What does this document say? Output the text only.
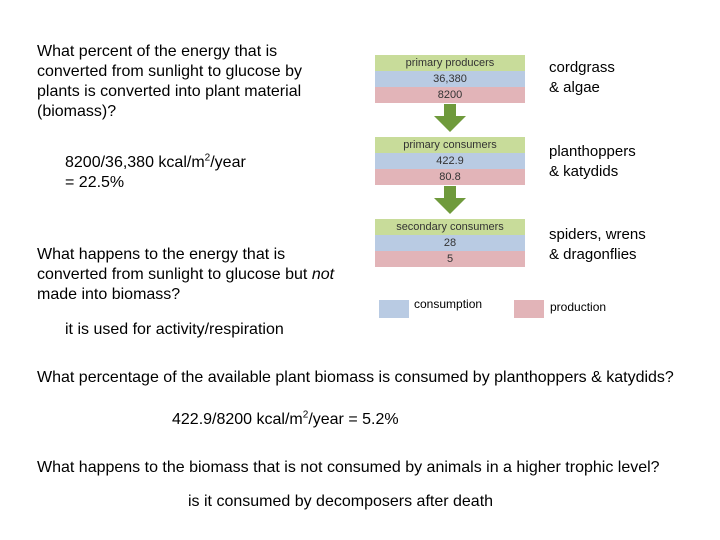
What percent of the energy that is converted from sunlight to glucose by plants is converted into plant material (biomass)?
8200/36,380 kcal/$m^2$/year
= 22.5%
What happens to the energy that is converted from sunlight to glucose but not made into biomass?
it is used for activity/respiration
What percentage of the available plant biomass is consumed by planthoppers & katydids?
422.9/8200 kcal/$m^2$/year = 5.2%
What happens to the biomass that is not consumed by animals in a higher trophic level?
is it consumed by decomposers after death
primary producers
36,380
8200
primary consumers
422.9
80.8
secondary consumers
28
5
cordgrass
& algae
planthoppers
& katydids
spiders, wrens
& dragonflies
consumption	production
